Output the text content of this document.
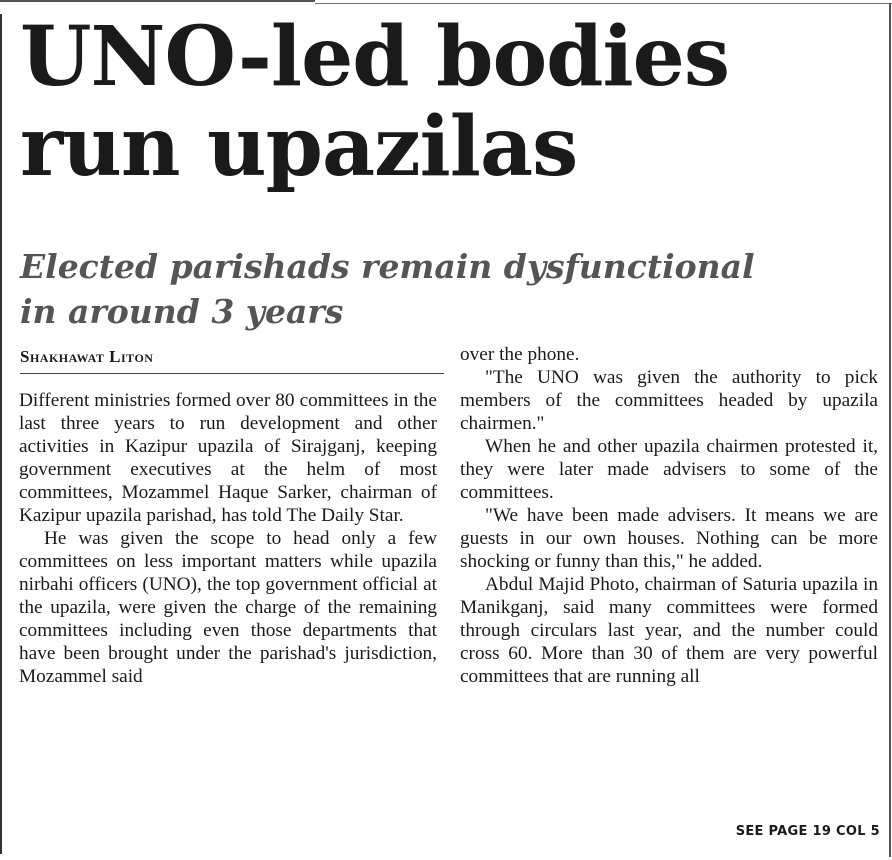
UNO-led bodies
run upazilas
Elected parishads remain dysfunctional
in around 3 years
Shakhawat Liton

Different ministries formed over 80 committees in the last three years to run development and other activities in Kazipur upazila of Sirajganj, keeping government executives at the helm of most committees, Mozammel Haque Sarker, chairman of Kazipur upazila parishad, has told The Daily Star.

He was given the scope to head only a few committees on less important matters while upazila nirbahi officers (UNO), the top government official at the upazila, were given the charge of the remaining committees including even those departments that have been brought under the parishad's jurisdiction, Mozammel said

over the phone.

"The UNO was given the authority to pick members of the committees headed by upazila chairmen."

When he and other upazila chairmen protested it, they were later made advisers to some of the committees.

"We have been made advisers. It means we are guests in our own houses. Nothing can be more shocking or funny than this," he added.

Abdul Majid Photo, chairman of Saturia upazila in Manikganj, said many committees were formed through circulars last year, and the number could cross 60. More than 30 of them are very powerful committees that are running all

SEE PAGE 19 COL 5
